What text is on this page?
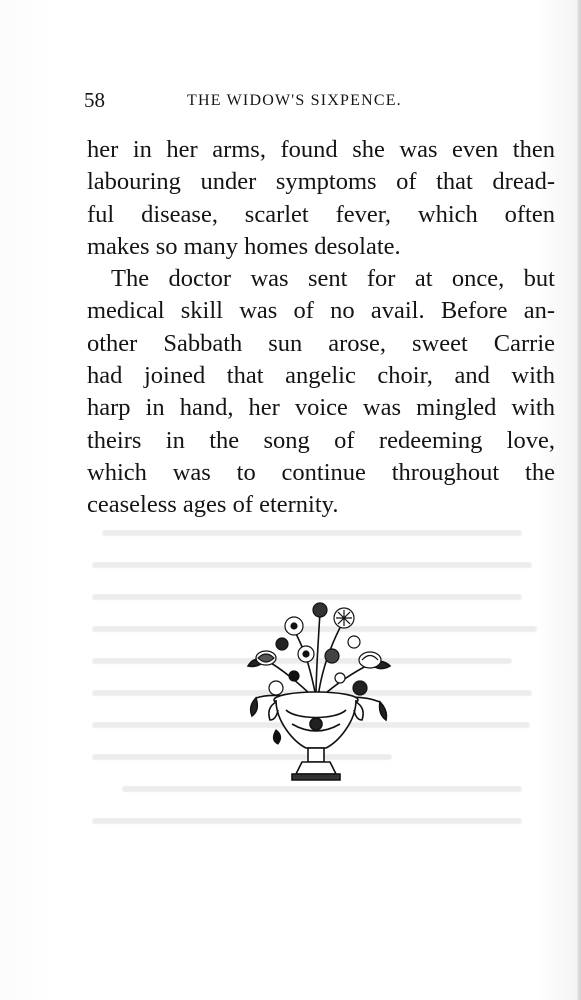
58	THE WIDOW'S SIXPENCE.
her in her arms, found she was even then
labouring under symptoms of that dread-
ful disease, scarlet fever, which often
makes so many homes desolate.
The doctor was sent for at once, but
medical skill was of no avail. Before an-
other Sabbath sun arose, sweet Carrie
had joined that angelic choir, and with
harp in hand, her voice was mingled with
theirs in the song of redeeming love,
which was to continue throughout the
ceaseless ages of eternity.
